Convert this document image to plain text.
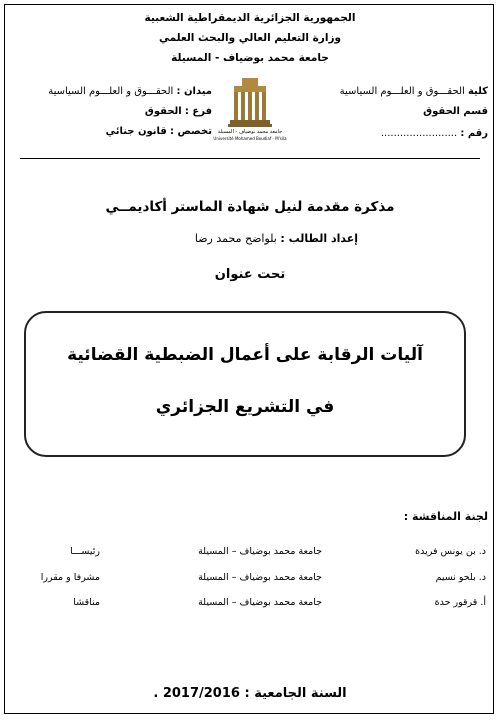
الجمهورية الجزائرية الديمقراطية الشعبية
وزارة التعليم العالي والبحث العلمي
جامعة محمد بوضياف - المسيلة
كلية الحقـــوق و العلـــوم السياسية
قسم الحقوق
رقم : ........................
ميدان : الحقـــوق و العلـــوم السياسية
فرع : الحقوق
تخصص : قانون جنائي	جامعة محمد بوضياف - المسيلة
Université Mohamed Boudiaf - M'sila
مذكرة مقدمة لنيل شهادة الماستر أكاديمــي
إعداد الطالب : بلواضح محمد رضا
تحت عنوان
آليات الرقابة على أعمال الضبطية القضائية
في التشريع الجزائري
لجنة المناقشة :
د. بن يونس فريدة
جامعة محمد بوضياف – المسيلة
رئيســـا
د. بلحو نسيم
جامعة محمد بوضياف – المسيلة
مشرفا و مقررا
أ. قرقور حدة
جامعة محمد بوضياف – المسيلة
مناقشا
السنة الجامعية : 2017/2016 .
